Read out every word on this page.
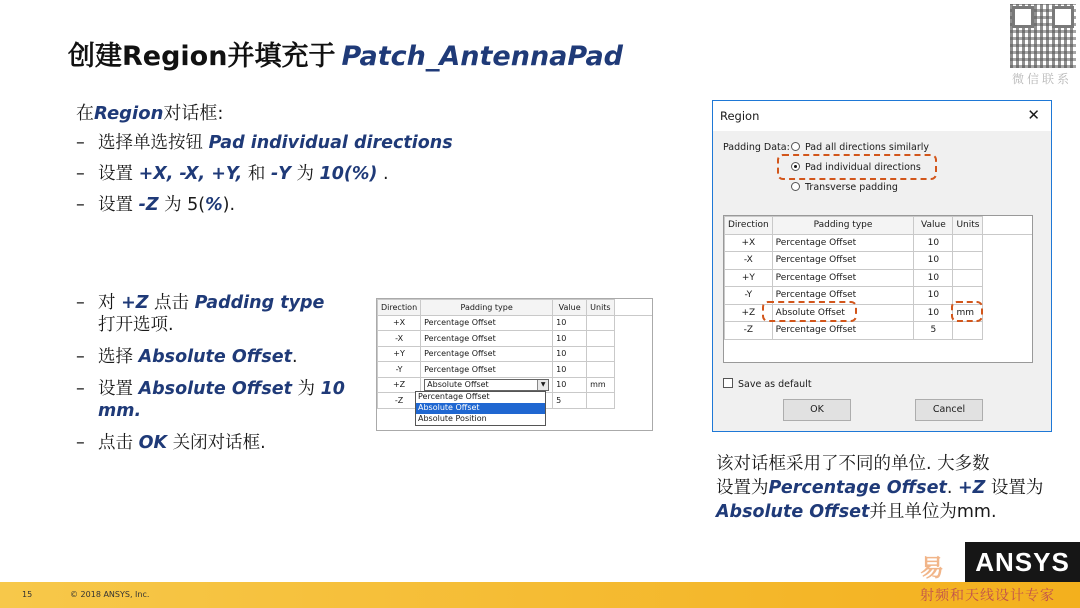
创建Region并填充于 Patch_AntennaPad
微信联系
在Region对话框:
– 选择单选按钮 Pad individual directions
– 设置 +X, -X, +Y, 和 -Y 为 10(%) .
– 设置 -Z 为 5(%).
– 对 +Z 点击 Padding type 打开选项.
– 选择 Absolute Offset.
– 设置 Absolute Offset 为 10 mm.
– 点击 OK 关闭对话框.
Direction	Padding type	Value	Units	
+X	Percentage Offset	10		
-X	Percentage Offset	10		
+Y	Percentage Offset	10		
-Y	Percentage Offset	10		
+Z	Absolute Offset ▼	10	mm	
-Z		5		
Percentage Offset
Absolute Offset
Absolute Position
Region	✕
Padding Data:	Pad all directions similarly
Pad individual directions
Transverse padding
Direction	Padding type	Value	Units	
+X	Percentage Offset	10		
-X	Percentage Offset	10		
+Y	Percentage Offset	10		
-Y	Percentage Offset	10		
+Z	Absolute Offset	10	mm	
-Z	Percentage Offset	5		
Save as default
OK	Cancel
该对话框采用了不同的单位. 大多数
设置为Percentage Offset. +Z 设置为
Absolute Offset并且单位为mm.
15	© 2018 ANSYS, Inc.
ANSYS
易
射频和天线设计专家
